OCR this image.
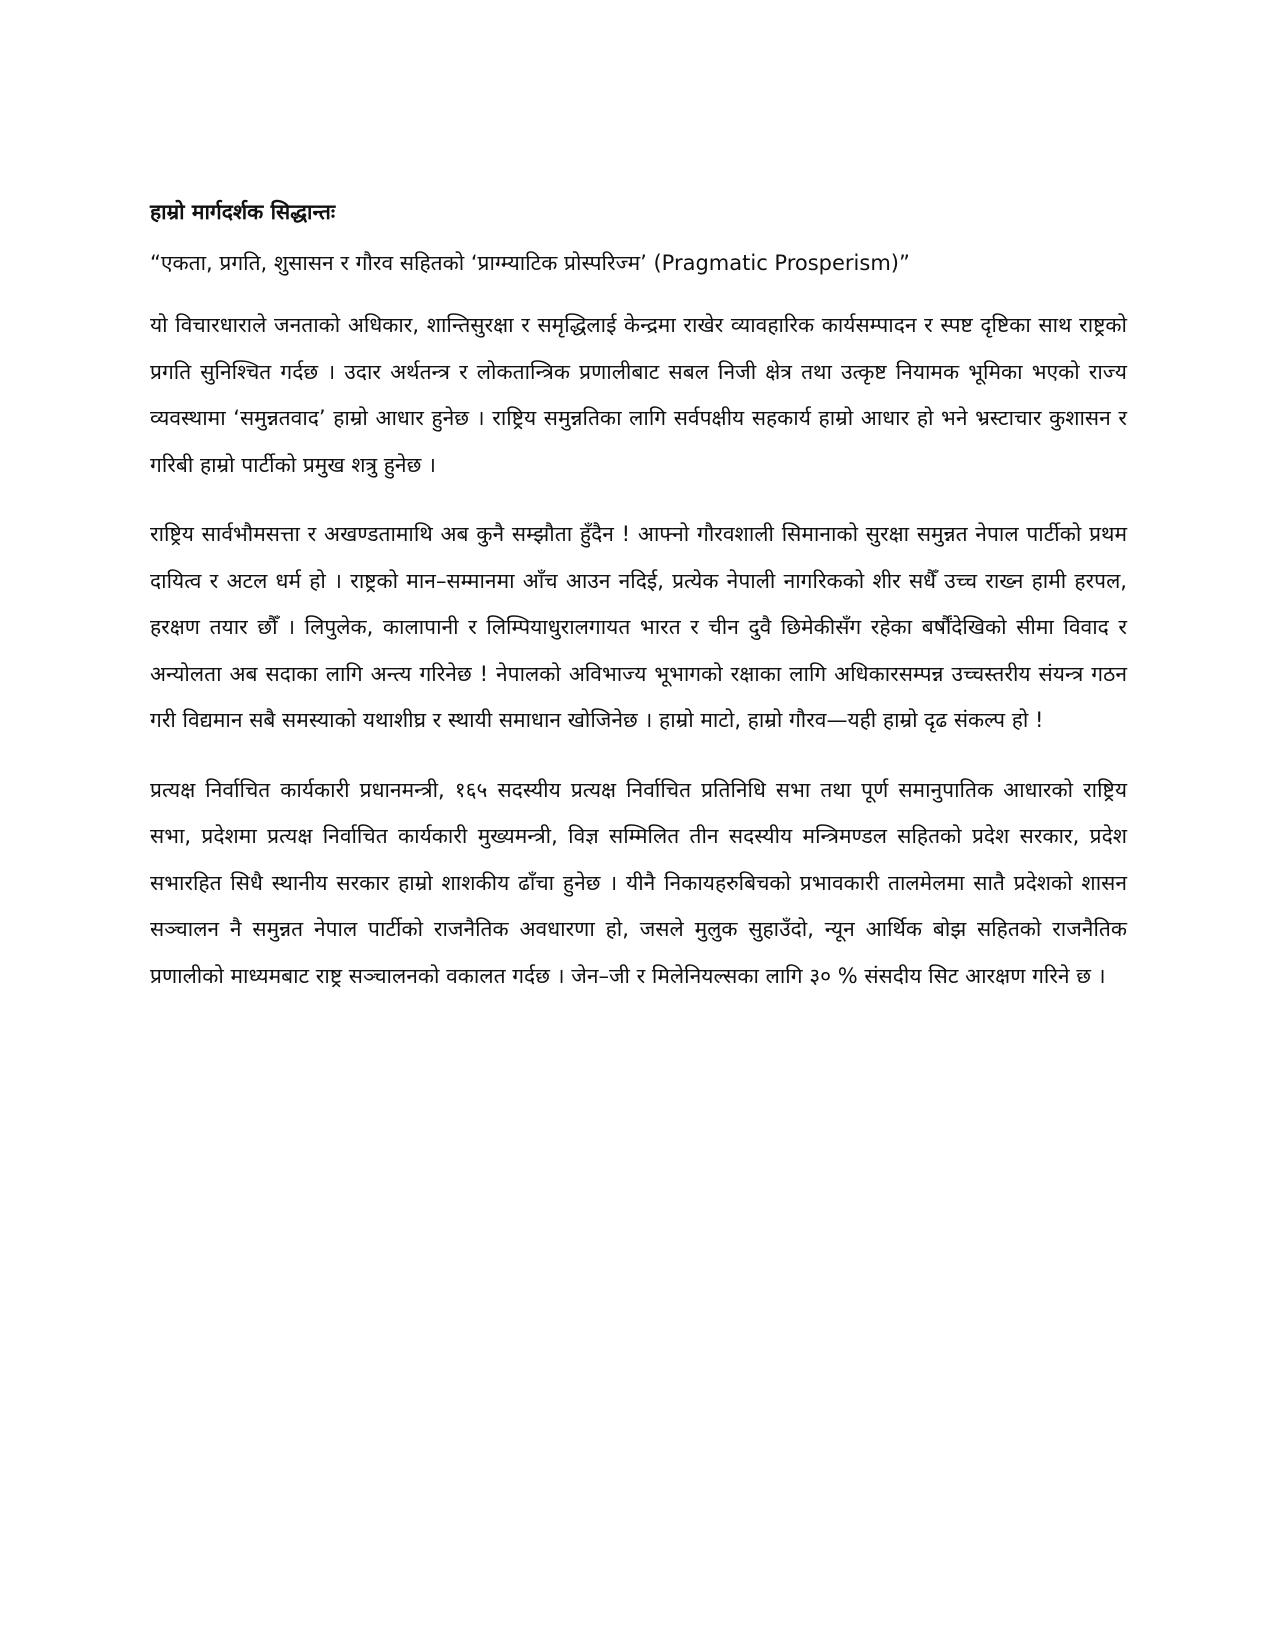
हाम्रो मार्गदर्शक सिद्धान्तः
“एकता, प्रगति, शुसासन र गौरव सहितको ‘प्राग्म्याटिक प्रोस्परिज्म’ (Pragmatic Prosperism)”

यो विचारधाराले जनताको अधिकार, शान्तिसुरक्षा र समृद्धिलाई केन्द्रमा राखेर व्यावहारिक कार्यसम्पादन र स्पष्ट दृष्टिका साथ राष्ट्रको प्रगति सुनिश्चित गर्दछ । उदार अर्थतन्त्र र लोकतान्त्रिक प्रणालीबाट सबल निजी क्षेत्र तथा उत्कृष्ट नियामक भूमिका भएको राज्य व्यवस्थामा ‘समुन्नतवाद’ हाम्रो आधार हुनेछ । राष्ट्रिय समुन्नतिका लागि सर्वपक्षीय सहकार्य हाम्रो आधार हो भने भ्रस्टाचार कुशासन र गरिबी हाम्रो पार्टीको प्रमुख शत्रु हुनेछ ।

राष्ट्रिय सार्वभौमसत्ता र अखण्डतामाथि अब कुनै सम्झौता हुँदैन ! आफ्नो गौरवशाली सिमानाको सुरक्षा समुन्नत नेपाल पार्टीको प्रथम दायित्व र अटल धर्म हो । राष्ट्रको मान–सम्मानमा आँच आउन नदिई, प्रत्येक नेपाली नागरिकको शीर सधैँ उच्च राख्न हामी हरपल, हरक्षण तयार छौँ । लिपुलेक, कालापानी र लिम्पियाधुरालगायत भारत र चीन दुवै छिमेकीसँग रहेका बर्षौंदेखिको सीमा विवाद र अन्योलता अब सदाका लागि अन्त्य गरिनेछ ! नेपालको अविभाज्य भूभागको रक्षाका लागि अधिकारसम्पन्न उच्चस्तरीय संयन्त्र गठन गरी विद्यमान सबै समस्याको यथाशीघ्र र स्थायी समाधान खोजिनेछ । हाम्रो माटो, हाम्रो गौरव—यही हाम्रो दृढ संकल्प हो !

प्रत्यक्ष निर्वाचित कार्यकारी प्रधानमन्त्री, १६५ सदस्यीय प्रत्यक्ष निर्वाचित प्रतिनिधि सभा तथा पूर्ण समानुपातिक आधारको राष्ट्रिय सभा, प्रदेशमा प्रत्यक्ष निर्वाचित कार्यकारी मुख्यमन्त्री, विज्ञ सम्मिलित तीन सदस्यीय मन्त्रिमण्डल सहितको प्रदेश सरकार, प्रदेश सभारहित सिधै स्थानीय सरकार हाम्रो शाशकीय ढाँचा हुनेछ । यीनै निकायहरुबिचको प्रभावकारी तालमेलमा सातै प्रदेशको शासन सञ्चालन नै समुन्नत नेपाल पार्टीको राजनैतिक अवधारणा हो, जसले मुलुक सुहाउँदो, न्यून आर्थिक बोझ सहितको राजनैतिक प्रणालीको माध्यमबाट राष्ट्र सञ्चालनको वकालत गर्दछ । जेन–जी र मिलेनियल्सका लागि ३० % संसदीय सिट आरक्षण गरिने छ ।
